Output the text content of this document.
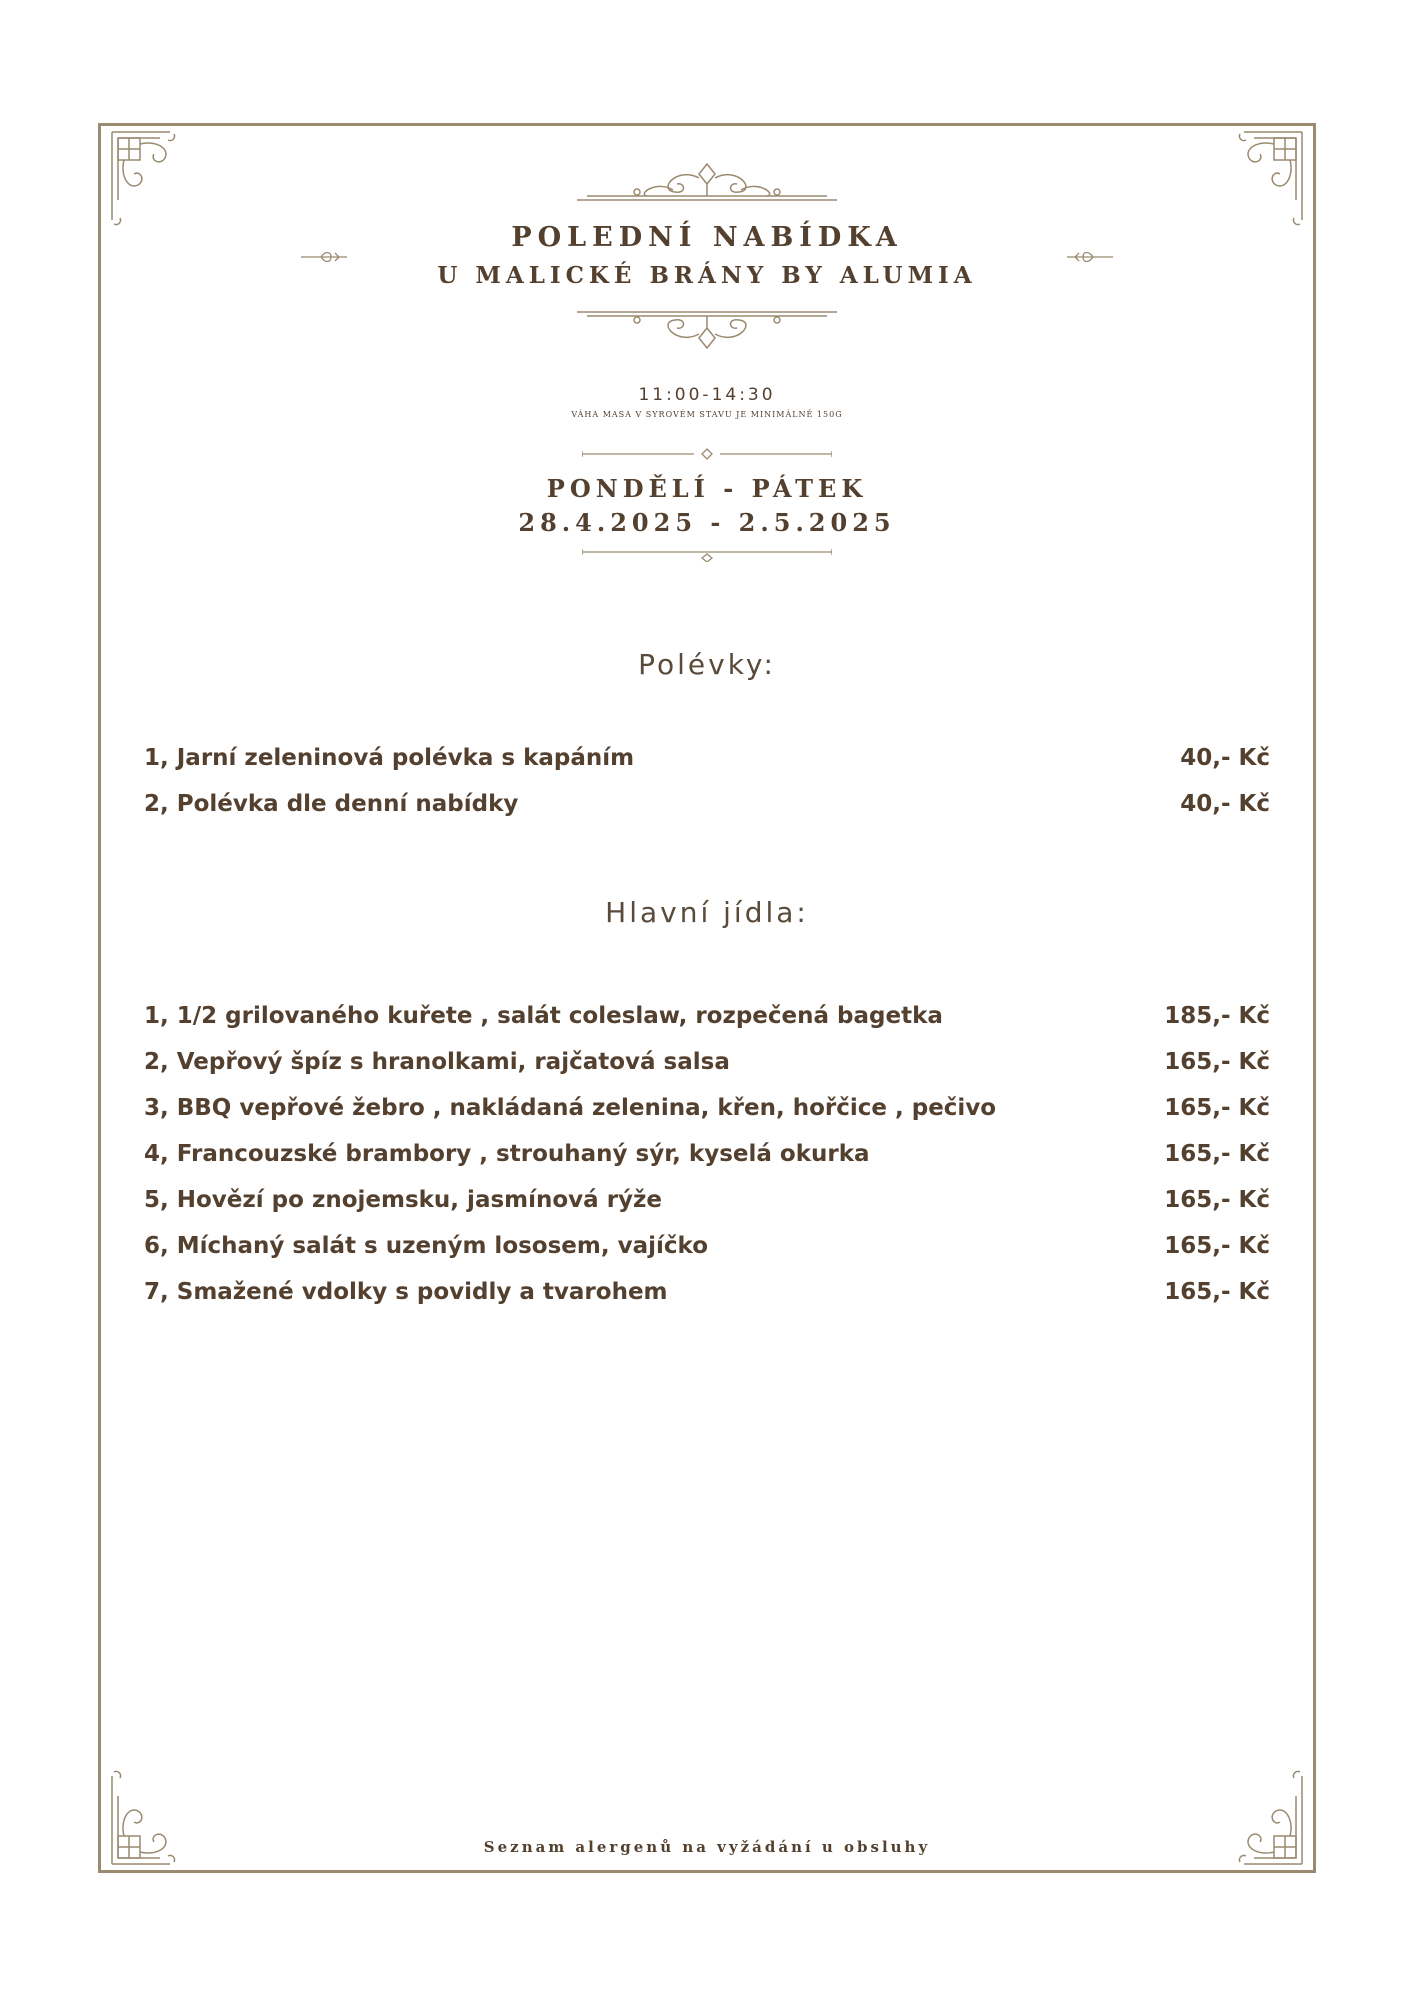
POLEDNÍ NABÍDKA
U MALICKÉ BRÁNY BY ALUMIA
11:00-14:30
VÁHA MASA V SYROVÉM STAVU JE MINIMÁLNĚ 150G
PONDĚLÍ - PÁTEK
28.4.2025 - 2.5.2025
Polévky:
1, Jarní zeleninová polévka s kapáním	40,- Kč
2, Polévka dle denní nabídky	40,- Kč
Hlavní jídla:
1, 1/2 grilovaného kuřete , salát coleslaw, rozpečená bagetka	185,- Kč
2, Vepřový špíz s hranolkami, rajčatová salsa	165,- Kč
3, BBQ vepřové žebro , nakládaná zelenina, křen, hořčice , pečivo	165,- Kč
4, Francouzské brambory , strouhaný sýr, kyselá okurka	165,- Kč
5, Hovězí po znojemsku, jasmínová rýže	165,- Kč
6, Míchaný salát s uzeným lososem, vajíčko	165,- Kč
7, Smažené vdolky s povidly a tvarohem	165,- Kč
Seznam alergenů na vyžádání u obsluhy
